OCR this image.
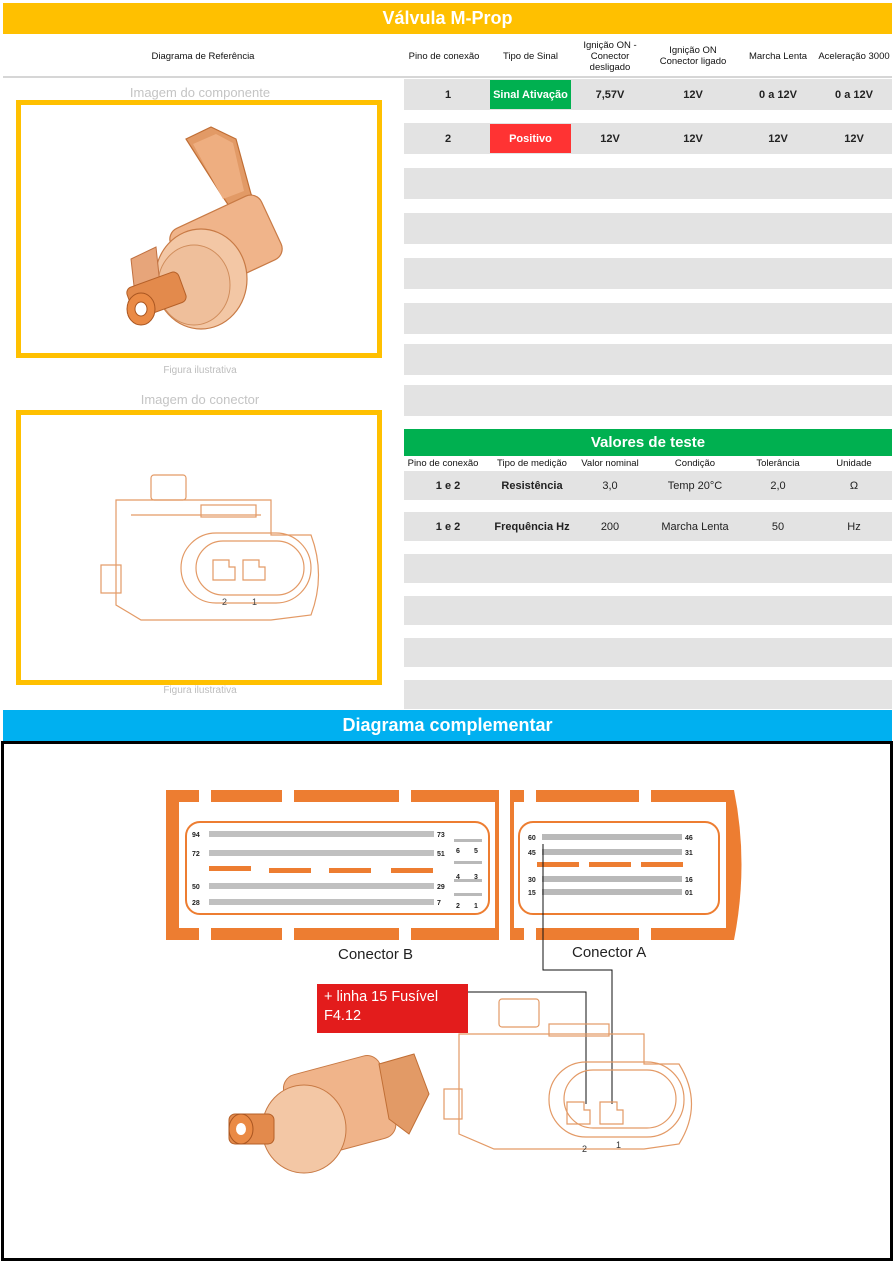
Válvula M-Prop
Diagrama de Referência	Pino de conexão	Tipo de Sinal
Ignição ON - Conector desligado
Ignição ON Conector ligado	Marcha Lenta	Aceleração 3000
Imagem do componente
Figura ilustrativa
Imagem do conector
2	1
Figura ilustrativa
1	Sinal Ativação	7,57V	12V	0 a 12V	0 a 12V
2	Positivo	12V	12V	12V	12V
Valores de teste
Pino de conexão	Tipo de medição	Valor nominal	Condição	Tolerância	Unidade
1 e 2	Resistência	3,0	Temp 20°C	2,0	Ω
1 e 2	Frequência Hz	200	Marcha Lenta	50	Hz
Diagrama complementar
94	73
72	51
50	29
28	7
6 5
4 3
2 1
60	46
45	31
30	16
15	01
2	1
Conector B	Conector A
+ linha 15 Fusível
F4.12
